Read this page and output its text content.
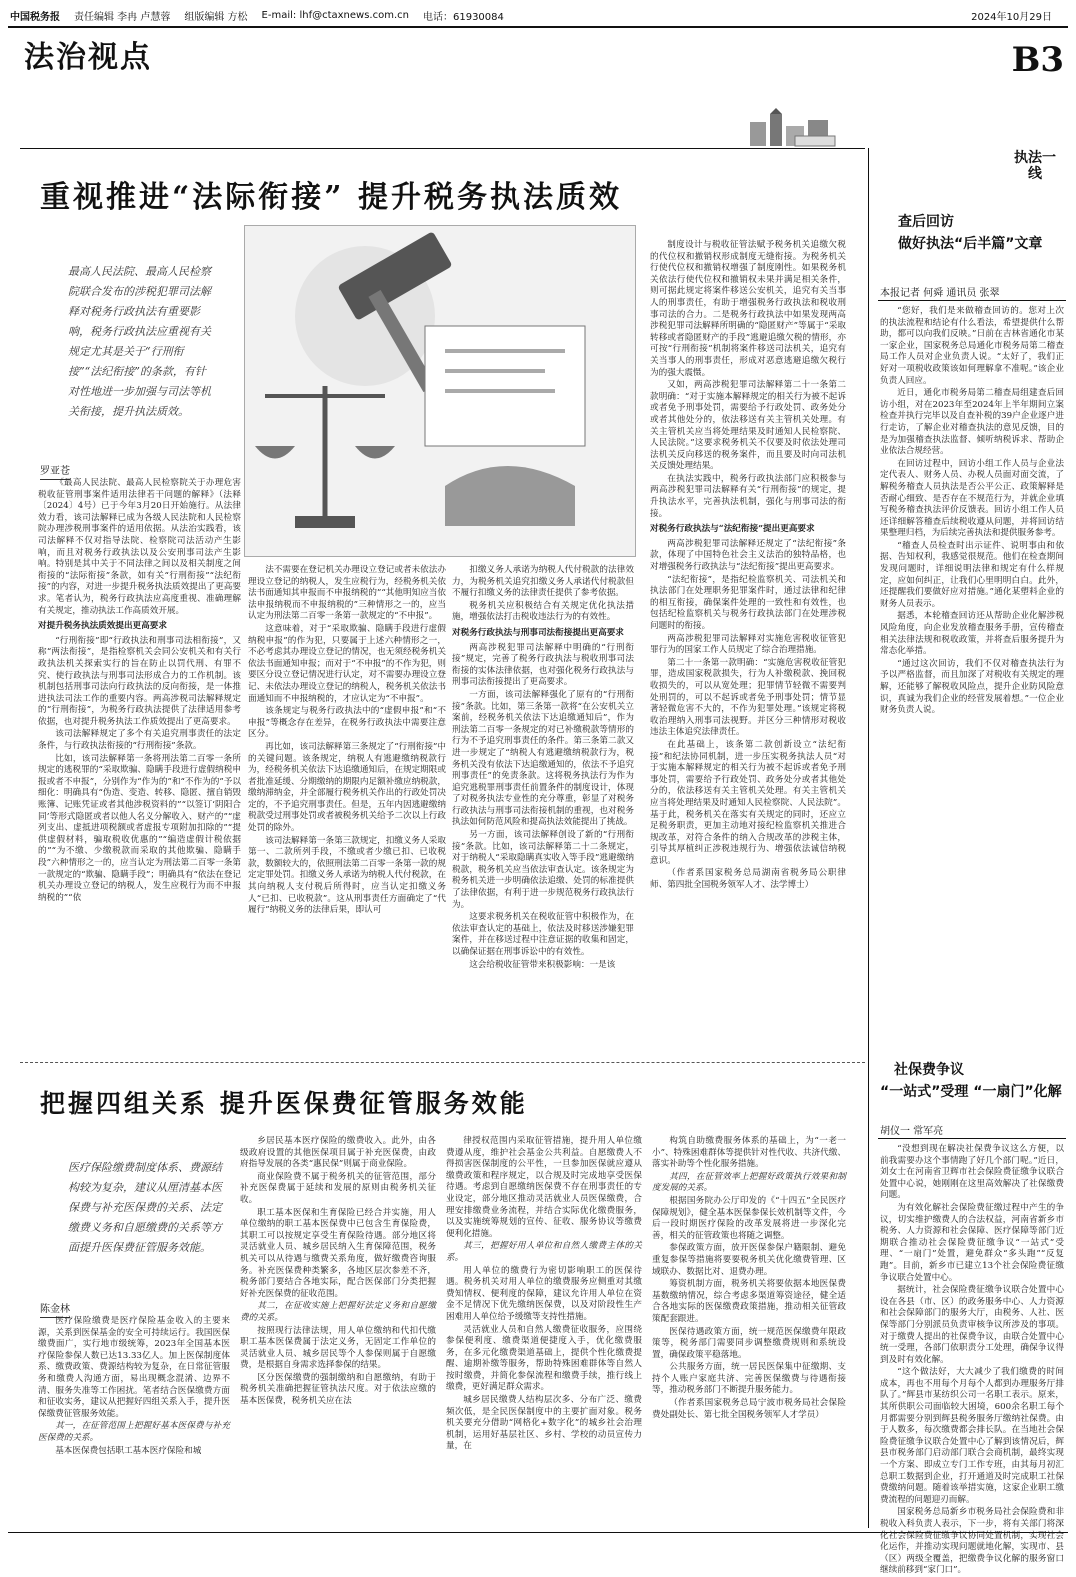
中国税务报 责任编辑 李冉 卢慧蓉 组版编辑 方松 E-mail: lhf@ctaxnews.com.cn 电话：61930084	2024年10月29日
法治视点	B3
重视推进“法际衔接” 提升税务执法质效
最高人民法院、最高人民检察院联合发布的涉税犯罪司法解释对税务行政执法有重要影响，税务行政执法应重视有关规定尤其是关于“行刑衔接”“法纪衔接”的条款，有针对性地进一步加强与司法等机关衔接，提升执法质效。
罗亚苍

《最高人民法院、最高人民检察院关于办理危害税收征管刑事案件适用法律若干问题的解释》（法释〔2024〕4号）已于今年3月20日开始施行。从法律效力看，该司法解释已成为各级人民法院和人民检察院办理涉税刑事案件的适用依据。从法治实践看，该司法解释不仅对指导法院、检察院司法活动产生影响，而且对税务行政执法以及公安刑事司法产生影响。特别是其中关于不同法律之间以及相关制度之间衔接的“法际衔接”条款，如有关“行刑衔接”“法纪衔接”的内容，对进一步提升税务执法质效提出了更高要求。笔者认为，税务行政执法应高度重视、准确理解有关规定，推动执法工作高质效开展。

对提升税务执法质效提出更高要求

“行刑衔接”即“行政执法和刑事司法相衔接”，又称“两法衔接”，是指检察机关会同公安机关和有关行政执法机关探索实行的旨在防止以罚代刑、有罪不究、使行政执法与刑事司法形成合力的工作机制。该机制包括刑事司法向行政执法的反向衔接，是一体推进执法司法工作的重要内容。两高涉税司法解释规定的“行刑衔接”，为税务行政执法提供了法律适用参考依据，也对提升税务执法工作质效提出了更高要求。

该司法解释规定了多个有关追究刑事责任的法定条件，与行政执法衔接的“行刑衔接”条款。

比如，该司法解释第一条将刑法第二百零一条所规定的逃税罪的“采取欺骗、隐瞒手段进行虚假纳税申报或者不申报”，分别作为“作为的”和“不作为的”予以细化：明确具有“伪造、变造、转移、隐匿、擅自销毁账簿、记账凭证或者其他涉税资料的”“以签订‘阴阳合同’等形式隐匿或者以他人名义分解收入、财产的”“虚列支出、虚抵进项税额或者虚报专项附加扣除的”“提供虚假材料，骗取税收优惠的”“编造虚假计税依据的”“为不缴、少缴税款而采取的其他欺骗、隐瞒手段”六种情形之一的，应当认定为刑法第二百零一条第一款规定的“欺骗、隐瞒手段”；明确具有“依法在登记机关办理设立登记的纳税人，发生应税行为而不申报纳税的”“依

法不需要在登记机关办理设立登记或者未依法办理设立登记的纳税人，发生应税行为，经税务机关依法书面通知其申报而不申报纳税的”“其他明知应当依法申报纳税而不申报纳税的”三种情形之一的，应当认定为刑法第二百零一条第一款规定的“不申报”。

这意味着，对于“采取欺骗、隐瞒手段进行虚假纳税申报”的作为犯，只要属于上述六种情形之一，不必考虑其办理设立登记的情况，也无须经税务机关依法书面通知申报；而对于“不申报”的不作为犯，则要区分设立登记情况进行认定，对不需要办理设立登记、未依法办理设立登记的纳税人，税务机关依法书面通知而不申报纳税的，才应认定为“不申报”。

该条规定与税务行政执法中的“虚假申报”和“不申报”等概念存在差异，在税务行政执法中需要注意区分。

再比如，该司法解释第三条规定了“行刑衔接”中的关键问题。该条规定，纳税人有逃避缴纳税款行为，经税务机关依法下达追缴通知后，在规定期限或者批准延缓、分期缴纳的期限内足额补缴应纳税款，缴纳滞纳金，并全部履行税务机关作出的行政处罚决定的，不予追究刑事责任。但是，五年内因逃避缴纳税款受过刑事处罚或者被税务机关给予二次以上行政处罚的除外。

该司法解释第一条第三款规定，扣缴义务人采取第一、二款所列手段，不缴或者少缴已扣、已收税款，数额较大的，依照刑法第二百零一条第一款的规定定罪处罚。扣缴义务人承诺为纳税人代付税款，在其向纳税人支付税后所得时，应当认定扣缴义务人“已扣、已收税款”。这从刑事责任方面确定了“代履行”纳税义务的法律后果，即认可

扣缴义务人承诺为纳税人代付税款的法律效力，为税务机关追究扣缴义务人承诺代付税款但不履行扣缴义务的法律责任提供了参考依据。

税务机关应积极结合有关规定优化执法措施，增强依法打击税收违法行为的有效性。

对税务行政执法与刑事司法衔接提出更高要求

两高涉税犯罪司法解释中明确的“行刑衔接”规定，完善了税务行政执法与税收刑事司法衔接的实体法律依据，也对强化税务行政执法与刑事司法衔接提出了更高要求。

一方面，该司法解释强化了原有的“行刑衔接”条款。比如，第三条第一款将“在公安机关立案前，经税务机关依法下达追缴通知后”，作为刑法第二百零一条规定的对已补缴税款等情形的行为不予追究刑事责任的条件。第三条第二款又进一步规定了“纳税人有逃避缴纳税款行为，税务机关没有依法下达追缴通知的，依法不予追究刑事责任”的免责条款。这将税务执法行为作为追究逃税罪刑事责任前置条件的制度设计，体现了对税务执法专业性的充分尊重，彰显了对税务行政执法与刑事司法衔接机制的重视，也对税务执法如何防范风险和提高执法效能提出了挑战。

另一方面，该司法解释创设了新的“行刑衔接”条款。比如，该司法解释第二十二条规定，对于纳税人“采取隐瞒真实收入等手段”逃避缴纳税款，税务机关应当依法审查认定。该条规定为税务机关进一步明确依法追缴、处罚的标准提供了法律依据，有利于进一步规范税务行政执法行为。

这要求税务机关在税收征管中积极作为，在依法审查认定的基础上，依法及时移送涉嫌犯罪案件，并在移送过程中注意证据的收集和固定，以确保证据在刑事诉讼中的有效性。

这会给税收征管带来积极影响：一是该

制度设计与税收征管法赋予税务机关追缴欠税的代位权和撤销权形成制度无缝衔接。为税务机关行使代位权和撤销权增强了制度刚性。如果税务机关依法行使代位权和撤销权未果并满足相关条件，则可据此规定将案件移送公安机关，追究有关当事人的刑事责任，有助于增强税务行政执法和税收刑事司法的合力。二是税务行政执法中如果发现两高涉税犯罪司法解释所明确的“隐匿财产”等属于“采取转移或者隐匿财产的手段”逃避追缴欠税的情形，亦可按“行刑衔接”机制将案件移送司法机关，追究有关当事人的刑事责任，形成对恶意逃避追缴欠税行为的强大震慑。

又如，两高涉税犯罪司法解释第二十一条第二款明确：“对于实施本解释规定的相关行为被不起诉或者免予刑事处罚，需要给予行政处罚、政务处分或者其他处分的，依法移送有关主管机关处理。有关主管机关应当将处理结果及时通知人民检察院、人民法院。”这要求税务机关不仅要及时依法处理司法机关反向移送的税务案件，而且要及时向司法机关反馈处理结果。

在执法实践中，税务行政执法部门应积极参与两高涉税犯罪司法解释有关“行刑衔接”的规定，提升执法水平，完善执法机制，强化与刑事司法的衔接。

对税务行政执法与“法纪衔接”提出更高要求

两高涉税犯罪司法解释还规定了“法纪衔接”条款，体现了中国特色社会主义法治的独特品格，也对增强税务行政执法与“法纪衔接”提出更高要求。

“法纪衔接”，是指纪检监察机关、司法机关和执法部门在处理职务犯罪案件时，通过法律和纪律的相互衔接，确保案件处理的一致性和有效性，也包括纪检监察机关与税务行政执法部门在处理涉税问题时的衔接。

两高涉税犯罪司法解释对实施危害税收征管犯罪行为的国家工作人员规定了综合治理措施。

第二十一条第一款明确：“实施危害税收征管犯罪，造成国家税款损失，行为人补缴税款、挽回税收损失的，可以从宽处理；犯罪情节轻微不需要判处刑罚的，可以不起诉或者免予刑事处罚；情节显著轻微危害不大的，不作为犯罪处理。”该规定将税收治理纳入刑事司法视野。并区分三种情形对税收违法主体追究法律责任。

在此基础上，该条第二款创新设立“法纪衔接”和纪法协同机制，进一步压实税务执法人员“对于实施本解释规定的相关行为被不起诉或者免予刑事处罚，需要给予行政处罚、政务处分或者其他处分的，依法移送有关主管机关处理。有关主管机关应当将处理结果及时通知人民检察院、人民法院”。基于此，税务机关在落实有关规定的同时，还应立足税务职责，更加主动地对接纪检监察机关推进合规改革，对符合条件的纳入合规改革的涉税主体，引导其厚植纠正涉税违规行为、增强依法诚信纳税意识。

（作者系国家税务总局湖南省税务局公职律师、第四批全国税务领军人才、法学博士）

把握四组关系 提升医保费征管服务效能
医疗保险缴费制度体系、费源结构较为复杂，建议从厘清基本医保费与补充医保费的关系、法定缴费义务和自愿缴费的关系等方面提升医保费征管服务效能。
陈金林

医疗保险缴费是医疗保险基金收入的主要来源，关系到医保基金的安全可持续运行。我国医保缴费面广，实行地市级统筹，2023年全国基本医疗保险参保人数已达13.33亿人。加上医保制度体系、缴费政策、费源结构较为复杂，在日常征管服务和缴费人沟通方面，易出现概念混淆、边界不清、服务失准等工作困扰。笔者结合医保缴费方面和征收实务，建议从把握好四组关系入手，提升医保缴费征管服务效能。

其一，在征管范围上把握好基本医保费与补充医保费的关系。

基本医保费包括职工基本医疗保险和城

乡居民基本医疗保险的缴费收入。此外，由各级政府设置的其他医保项目属于补充医保费，由政府指导发展的各类“惠民保”则属于商业保险。

商业保险费不属于税务机关的征管范围，部分补充医保费属于延续和发展的原则由税务机关征收。

职工基本医保和生育保险已经合并实施，用人单位缴纳的职工基本医保费中已包含生育保险费，其职工可以按规定享受生育保险待遇。部分地区将灵活就业人员、城乡居民纳入生育保障范围，税务机关可以从待遇与缴费关系角度，做好缴费咨询服务。补充医保费种类繁多，各地区层次参差不齐，税务部门要结合各地实际，配合医保部门分类把握好补充医保费的征收范围。

其二，在征收实施上把握好法定义务和自愿缴费的关系。

按照现行法律法规，用人单位缴纳和代扣代缴职工基本医保费属于法定义务，无固定工作单位的灵活就业人员、城乡居民等个人参保则属于自愿缴费，是根据自身需求选择参保的结果。

区分医保缴费的强制缴纳和自愿缴纳，有助于税务机关准确把握征管执法尺度。对于依法应缴的基本医保费，税务机关应在法

律授权范围内采取征管措施，提升用人单位缴费遵从度，维护社会基金公共利益。自愿缴费人不得损害医保制度的公平性，一旦参加医保就应遵从缴费政策和程序规定，以合规及时完成地享受医保待遇。考虑到自愿缴纳医保费不存在刑事责任的专业设定，部分地区推动灵活就业人员医保缴费，合理安排缴费业务流程，并结合实际优化缴费服务，以及实施统筹规划的宣传、征收、服务协议等缴费便利化措施。

其三，把握好用人单位和自然人缴费主体的关系。

用人单位的缴费行为密切影响职工的医保待遇。税务机关对用人单位的缴费服务应侧重对其缴费知情权、便利度的保障，建议允许用人单位在资金不足情况下优先缴纳医保费，以及对阶段性生产困难用人单位给予缓缴等支持性措施。

灵活就业人员和自然人缴费征收服务，应围绕参保便利度、缴费渠道便捷度入手，优化缴费服务，在多元化缴费渠道基础上，提供个性化缴费提醒、逾期补缴等服务，帮助特殊困难群体等自然人按时缴费，并简化参保流程和缴费手续，推行线上缴费，更好满足群众需求。

城乡居民缴费人结构层次多、分布广泛、缴费频次低，是全民医保制度中的主要扩面对象。税务机关要充分借助“网格化+数字化”的城乡社会治理机制，运用好基层社区、乡村、学校的动员宣传力量，在

构筑自助缴费服务体系的基础上，为“一老一小”、特殊困难群体等提供针对性代收、共济代缴、落实补助等个性化服务措施。

其四，在征管效率上把握好政策执行效果和制度发展的关系。

根据国务院办公厅印发的《“十四五”全民医疗保障规划》，健全基本医保参保长效机制等文件，今后一段时期医疗保险的改革发展将进一步深化完善，相关的征管政策也将随之调整。

参保政策方面，放开医保参保户籍限制、避免重复参保等措施将要要税务机关优化缴费管理、区域联办、数据比对、退费办理。

筹资机制方面，税务机关将要依据本地医保费基数缴纳情况，综合考虑多渠道筹资途径，健全适合各地实际的医保缴费政策措施，推动相关征管政策配套跟进。

医保待遇政策方面，统一规范医保缴费年限政策等，税务部门需要同步调整缴费规则和系统设置，确保政策平稳落地。

公共服务方面，统一居民医保集中征缴期、支持个人账户家庭共济、完善医保缴费与待遇衔接等，推动税务部门不断提升服务能力。

（作者系国家税务总局宁波市税务局社会保险费处副处长、第七批全国税务领军人才学员）

执法一线
查后回访
做好执法“后半篇”文章
本报记者 何舜 通讯员 张翠

“您好，我们是来做稽查回访的。您对上次的执法流程和结论有什么看法，希望提供什么帮助，都可以向我们反映。”日前在吉林省通化市某一家企业，国家税务总局通化市税务局第二稽查局工作人员对企业负责人说。“太好了，我们正好对一项税收政策该如何理解拿不准呢。”该企业负责人回应。

近日，通化市税务局第二稽查局组建查后回访小组，对在2023年至2024年上半年期间立案检查并执行完毕以及自查补税的39户企业逐户进行走访，了解企业对稽查执法的意见反馈，目的是为加强稽查执法监督、倾听纳税诉求、帮助企业依法合规经营。

在回访过程中，回访小组工作人员与企业法定代表人、财务人员、办税人员面对面交流，了解税务稽查人员执法是否公平公正、政策解释是否耐心细致、是否存在不规范行为，并就企业填写税务稽查执法评价反馈表。回访小组工作人员还详细解答稽查后续税收遵从问题，并将回访结果整理归档，为后续完善执法和提供服务参考。

“稽查人员检查时出示证件、说明事由和依据、告知权利，我感觉很规范。他们在检查期间发现问题时，详细说明法律和规定有什么样规定，应如何纠正，让我们心里明明白白。此外，还提醒我们要做好应对措施。”通化某塑料企业的财务人员表示。

据悉，本轮稽查回访还从帮助企业化解涉税风险角度，向企业发放稽查服务手册，宣传稽查相关法律法规和税收政策，并将查后服务提升为常态化举措。

“通过这次回访，我们不仅对稽查执法行为予以严格监督，而且加深了对税收有关规定的理解，还能够了解税收风险点，提升企业防风险意识，真诚为我们企业的经营发展着想。”一位企业财务负责人说。

社保费争议
“一站式”受理 “一扇门”化解
胡仪一 常军亮

“没想到现在解决社保费争议这么方便，以前我需要办这个事情跑了好几个部门呢。”近日，刘女士在河南省卫辉市社会保险费征缴争议联合处置中心说，她刚刚在这里高效解决了社保缴费问题。

为有效化解社会保险费征缴过程中产生的争议，切实维护缴费人的合法权益，河南省新乡市税务、人力资源和社会保障、医疗保障等部门近期联合推动社会保险费征缴争议“一站式”受理、“一扇门”处置，避免群众“多头跑”“反复跑”。目前，新乡市已建立13个社会保险费征缴争议联合处置中心。

据统计，社会保险费征缴争议联合处置中心设在各县（市、区）的政务服务中心、人力资源和社会保障部门的服务大厅，由税务、人社、医保等部门分别派员负责审核争议所涉及的事项。对于缴费人提出的社保费争议，由联合处置中心统一受理，各部门依职责分工处理，确保争议得到及时有效化解。

“这个做法好，大大减少了我们缴费的时间成本，再也不用每个月每个人都到办理服务厅排队了。”辉县市某纺织公司一名职工表示。原来，其所供职公司面临较大困境，600余名职工每个月都需要分别到辉县税务服务厅缴纳社保费。由于人数多，每次缴费都会排长队。在当地社会保险费征缴争议联合处置中心了解到该情况后，辉县市税务部门启动部门联合会商机制，最终实现一个方案、即成立专门工作专班，由其每月初汇总职工数据到企业，打开通道及时完成职工社保费缴纳问题。随着该举措实施，这家企业职工缴费流程的问题迎刃而解。

国家税务总局新乡市税务局社会保险费和非税收入科负责人表示，下一步，将有关部门将深化社会保险费征缴争议协同处置机制，实现社会化运作，并推动实现问题就地化解，实现市、县（区）两级全覆盖，把缴费争议化解的服务窗口继续前移到“家门口”。
